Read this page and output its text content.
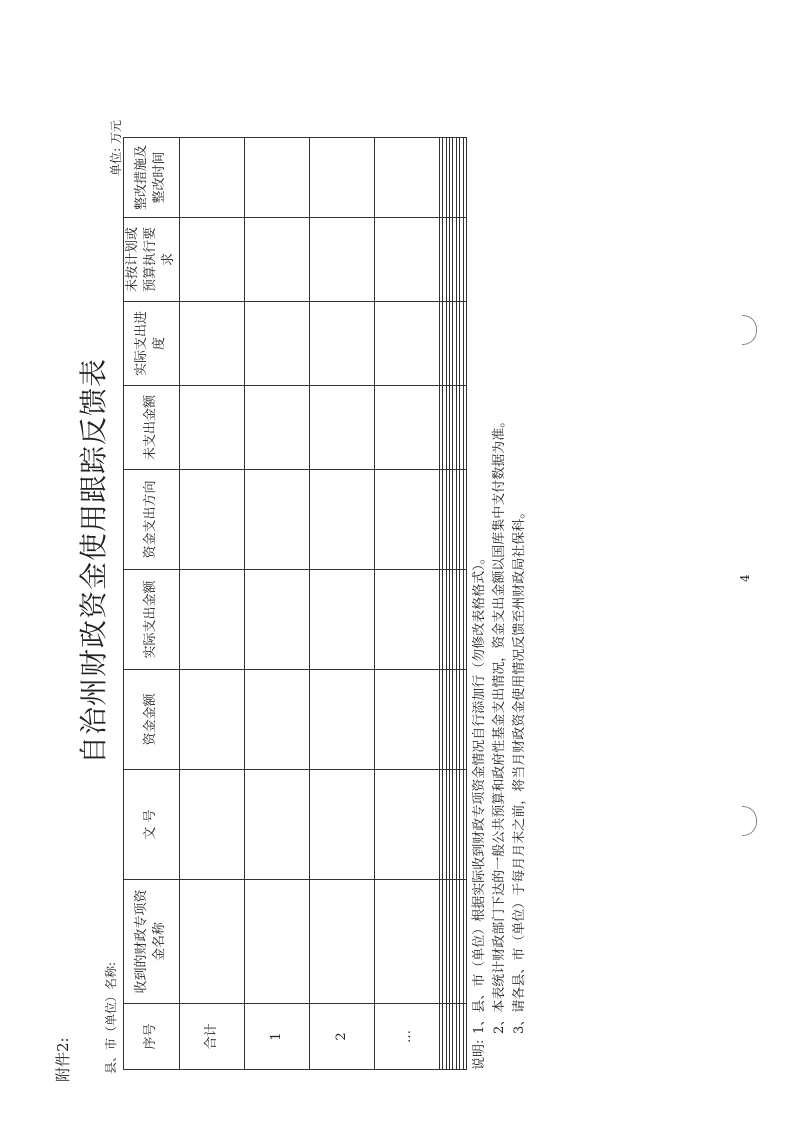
附件2:
自治州财政资金使用跟踪反馈表
县、市（单位）名称:
单位: 万元
序号	收到的财政专项资金名称	文 号	资金金额	实际支出金额	资金支出方向	未支出金额	实际支出进度	未按计划或预算执行要求	整改措施及整改时间
合计									
1									
2									
…									

说明:1、县、市（单位）根据实际收到财政专项资金情况自行添加行（勿修改表格格式）。 2、本表统计财政部门下达的一般公共预算和政府性基金支出情况，资金支出金额以国库集中支付数据为准。 3、请各县、市（单位）于每月月末之前，将当月财政资金使用情况反馈至州财政局社保科。	4
